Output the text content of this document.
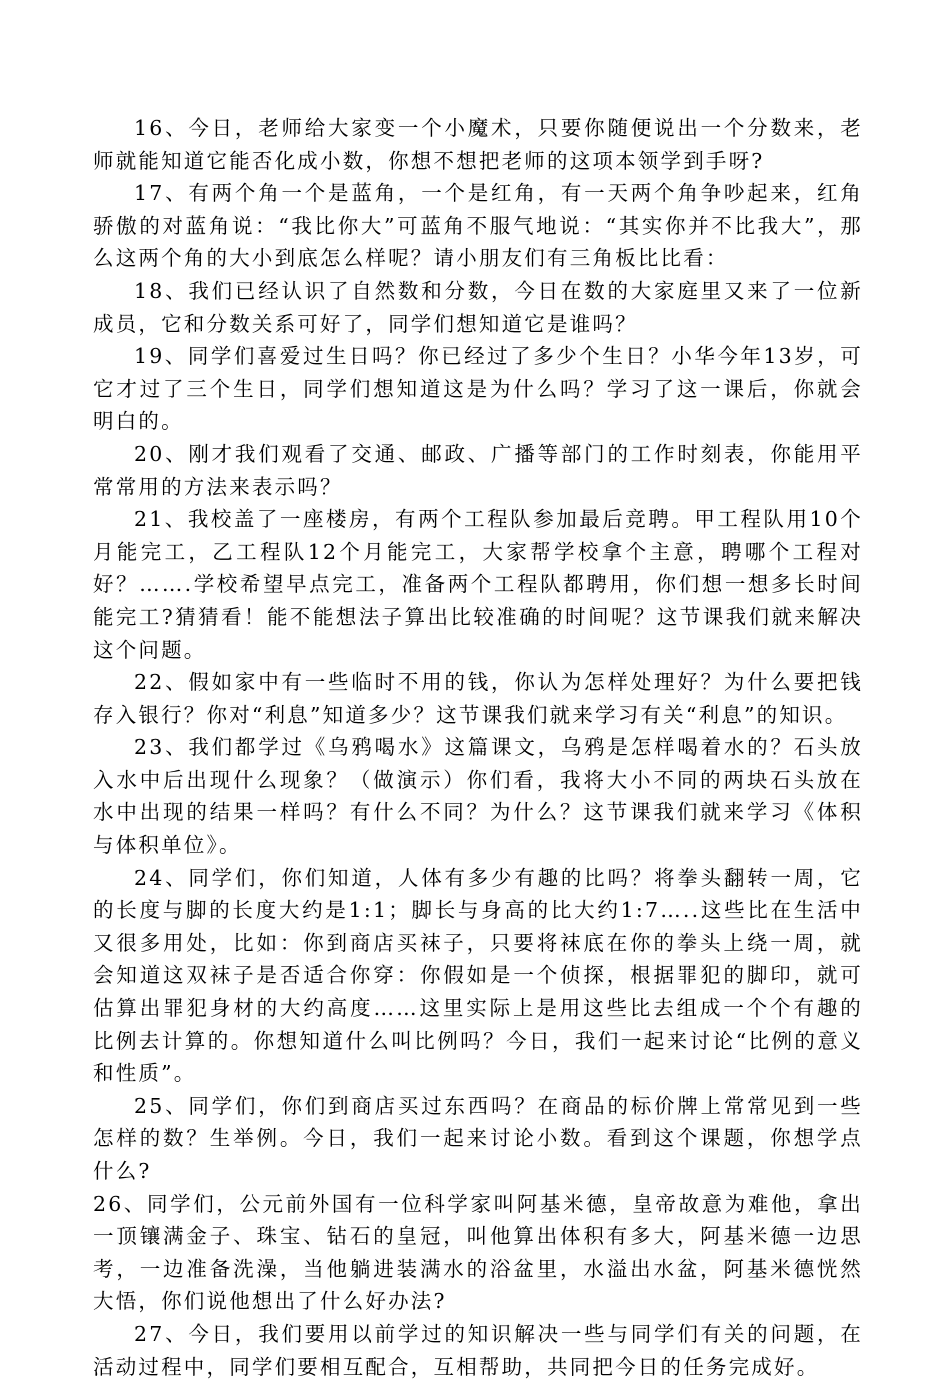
16、今日，老师给大家变一个小魔术，只要你随便说出一个分数来，老师就能知道它能否化成小数，你想不想把老师的这项本领学到手呀?

17、有两个角一个是蓝角，一个是红角，有一天两个角争吵起来，红角骄傲的对蓝角说：“我比你大”可蓝角不服气地说：“其实你并不比我大”，那么这两个角的大小到底怎么样呢？请小朋友们有三角板比比看：

18、我们已经认识了自然数和分数，今日在数的大家庭里又来了一位新成员，它和分数关系可好了，同学们想知道它是谁吗？

19、同学们喜爱过生日吗？你已经过了多少个生日？小华今年13岁，可它才过了三个生日，同学们想知道这是为什么吗？学习了这一课后，你就会明白的。

20、刚才我们观看了交通、邮政、广播等部门的工作时刻表，你能用平常常用的方法来表示吗？

21、我校盖了一座楼房，有两个工程队参加最后竞聘。甲工程队用10个月能完工，乙工程队12个月能完工，大家帮学校拿个主意，聘哪个工程对好？…….学校希望早点完工，准备两个工程队都聘用，你们想一想多长时间能完工?猜猜看！能不能想法子算出比较准确的时间呢？这节课我们就来解决这个问题。

22、假如家中有一些临时不用的钱，你认为怎样处理好？为什么要把钱存入银行？你对“利息”知道多少？这节课我们就来学习有关“利息”的知识。

23、我们都学过《乌鸦喝水》这篇课文，乌鸦是怎样喝着水的？石头放入水中后出现什么现象？（做演示）你们看，我将大小不同的两块石头放在水中出现的结果一样吗？有什么不同？为什么？这节课我们就来学习《体积与体积单位》。

24、同学们，你们知道，人体有多少有趣的比吗？将拳头翻转一周，它的长度与脚的长度大约是1:1；脚长与身高的比大约1:7…..这些比在生活中又很多用处，比如：你到商店买袜子，只要将袜底在你的拳头上绕一周，就会知道这双袜子是否适合你穿：你假如是一个侦探，根据罪犯的脚印，就可估算出罪犯身材的大约高度……这里实际上是用这些比去组成一个个有趣的比例去计算的。你想知道什么叫比例吗？今日，我们一起来讨论“比例的意义和性质”。

25、同学们，你们到商店买过东西吗？在商品的标价牌上常常见到一些怎样的数？生举例。今日，我们一起来讨论小数。看到这个课题，你想学点什么?

26、同学们，公元前外国有一位科学家叫阿基米德，皇帝故意为难他，拿出一顶镶满金子、珠宝、钻石的皇冠，叫他算出体积有多大，阿基米德一边思考，一边准备洗澡，当他躺进装满水的浴盆里，水溢出水盆，阿基米德恍然大悟，你们说他想出了什么好办法?

27、今日，我们要用以前学过的知识解决一些与同学们有关的问题，在活动过程中，同学们要相互配合，互相帮助，共同把今日的任务完成好。
